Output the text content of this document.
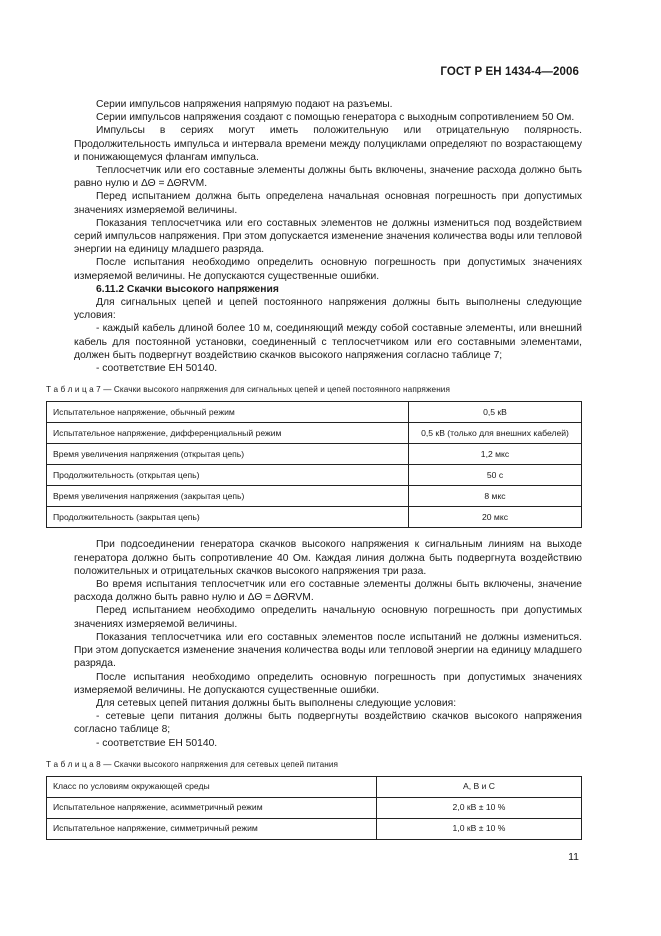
ГОСТ Р ЕН 1434-4—2006

Серии импульсов напряжения напрямую подают на разъемы.

Серии импульсов напряжения создают с помощью генератора с выходным сопротивлением 50 Ом.

Импульсы в сериях могут иметь положительную или отрицательную полярность. Продолжительность импульса и интервала времени между полуциклами определяют по возрастающему и понижающемуся флангам импульса.

Теплосчетчик или его составные элементы должны быть включены, значение расхода должно быть равно нулю и ΔΘ = ΔΘRVM.

Перед испытанием должна быть определена начальная основная погрешность при допустимых значениях измеряемой величины.

Показания теплосчетчика или его составных элементов не должны измениться под воздействием серий импульсов напряжения. При этом допускается изменение значения количества воды или тепловой энергии на единицу младшего разряда.

После испытания необходимо определить основную погрешность при допустимых значениях измеряемой величины. Не допускаются существенные ошибки.

6.11.2 Скачки высокого напряжения

Для сигнальных цепей и цепей постоянного напряжения должны быть выполнены следующие условия:

- каждый кабель длиной более 10 м, соединяющий между собой составные элементы, или внешний кабель для постоянной установки, соединенный с теплосчетчиком или его составными элементами, должен быть подвергнут воздействию скачков высокого напряжения согласно таблице 7;

- соответствие ЕН 50140.

Т а б л и ц а 7 — Скачки высокого напряжения для сигнальных цепей и цепей постоянного напряжения
Испытательное напряжение, обычный режим	0,5 кВ
Испытательное напряжение, дифференциальный режим	0,5 кВ (только для внешних кабелей)
Время увеличения напряжения (открытая цепь)	1,2 мкс
Продолжительность (открытая цепь)	50 с
Время увеличения напряжения (закрытая цепь)	8 мкс
Продолжительность (закрытая цепь)	20 мкс

При подсоединении генератора скачков высокого напряжения к сигнальным линиям на выходе генератора должно быть сопротивление 40 Ом. Каждая линия должна быть подвергнута воздействию положительных и отрицательных скачков высокого напряжения три раза.

Во время испытания теплосчетчик или его составные элементы должны быть включены, значение расхода должно быть равно нулю и ΔΘ = ΔΘRVM.

Перед испытанием необходимо определить начальную основную погрешность при допустимых значениях измеряемой величины.

Показания теплосчетчика или его составных элементов после испытаний не должны измениться. При этом допускается изменение значения количества воды или тепловой энергии на единицу младшего разряда.

После испытания необходимо определить основную погрешность при допустимых значениях измеряемой величины. Не допускаются существенные ошибки.

Для сетевых цепей питания должны быть выполнены следующие условия:

- сетевые цепи питания должны быть подвергнуты воздействию скачков высокого напряжения согласно таблице 8;

- соответствие ЕН 50140.

Т а б л и ц а 8 — Скачки высокого напряжения для сетевых цепей питания
Класс по условиям окружающей среды	А, В и С
Испытательное напряжение, асимметричный режим	2,0 кВ ± 10 %
Испытательное напряжение, симметричный режим	1,0 кВ ± 10 %
11
